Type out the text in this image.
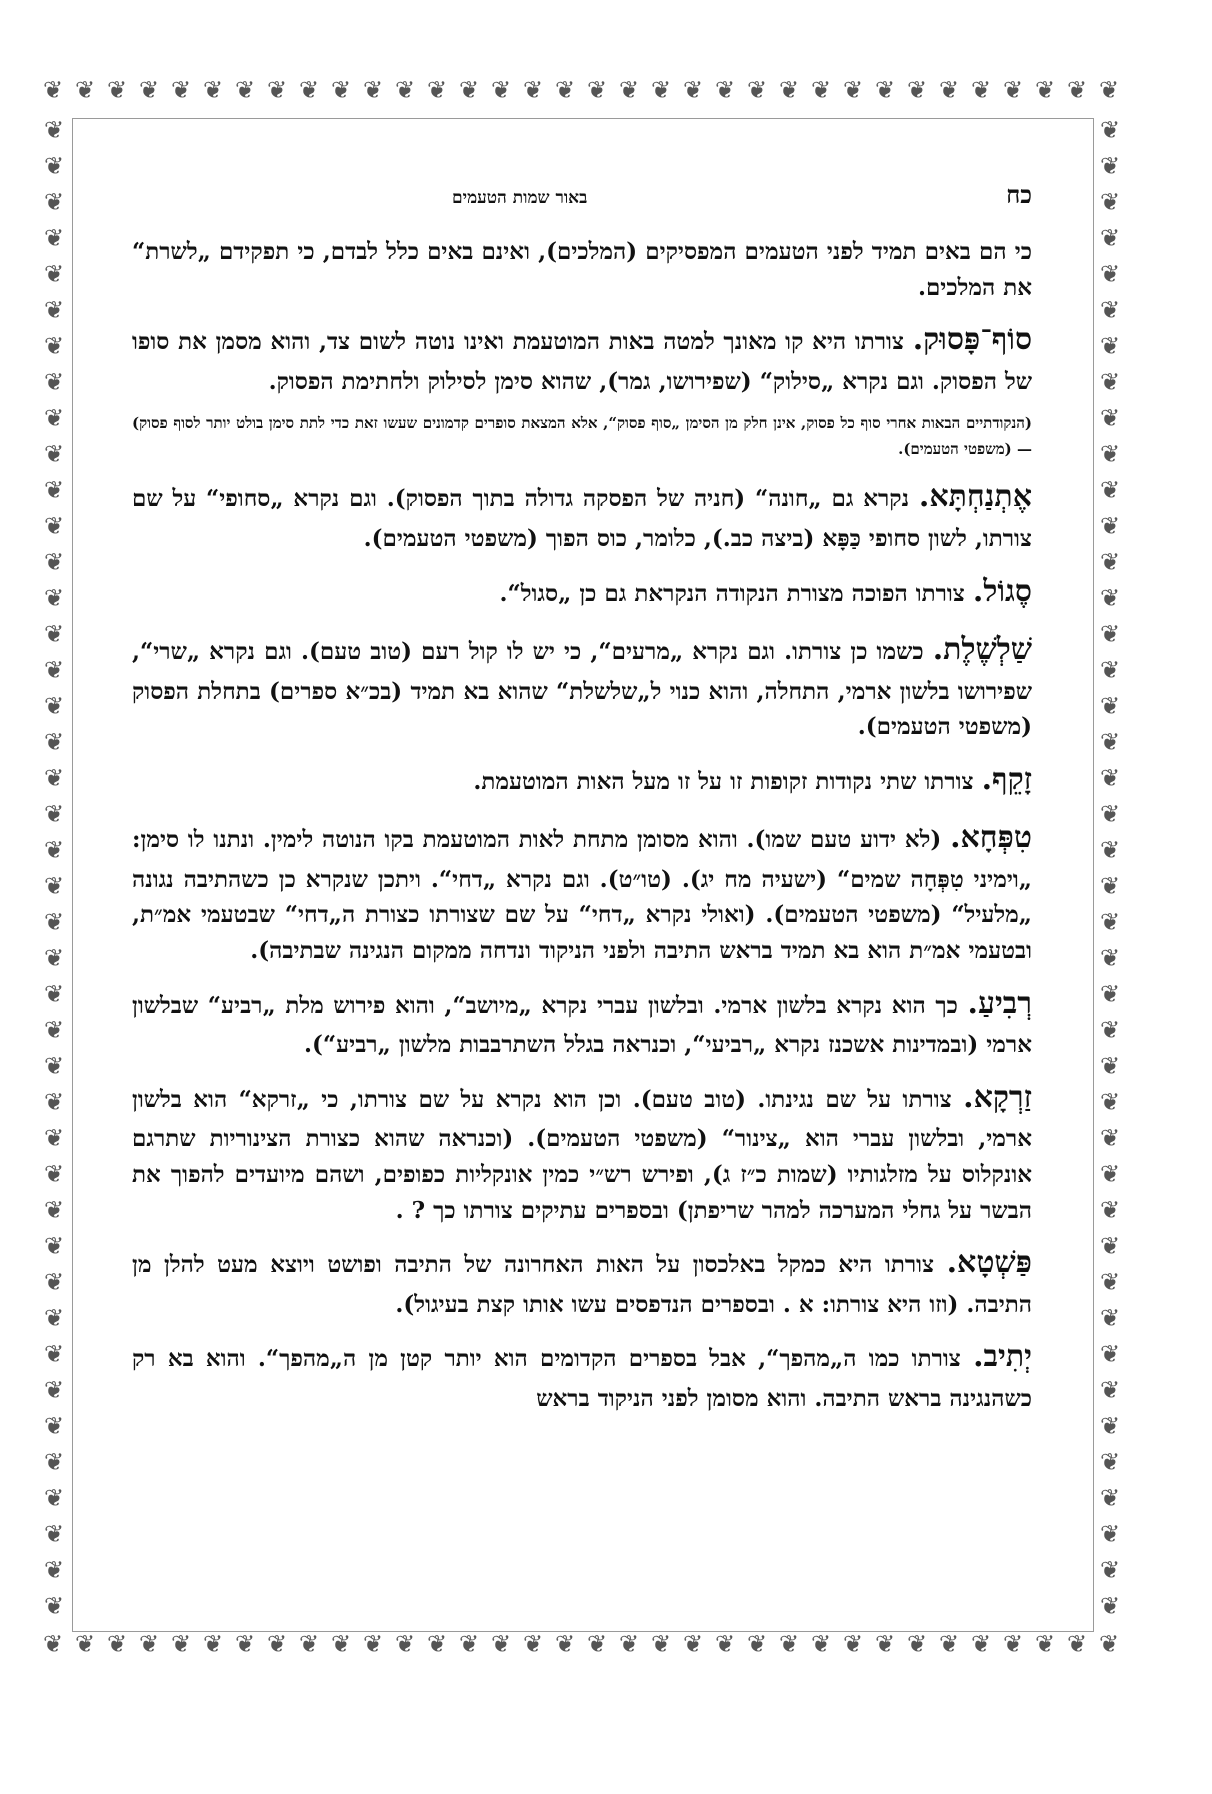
❦ ❦ ❦ ❦ ❦ ❦ ❦ ❦ ❦ ❦ ❦ ❦ ❦ ❦ ❦ ❦ ❦ ❦ ❦ ❦ ❦ ❦ ❦ ❦ ❦ ❦ ❦ ❦ ❦ ❦ ❦ ❦ ❦ ❦
❦ ❦ ❦ ❦ ❦ ❦ ❦ ❦ ❦ ❦ ❦ ❦ ❦ ❦ ❦ ❦ ❦ ❦ ❦ ❦ ❦ ❦ ❦ ❦ ❦ ❦ ❦ ❦ ❦ ❦ ❦ ❦ ❦ ❦
❦
❦
❦
❦
❦
❦
❦
❦
❦
❦
❦
❦
❦
❦
❦
❦
❦
❦
❦
❦
❦
❦
❦
❦
❦
❦
❦
❦
❦
❦
❦
❦
❦
❦
❦
❦
❦
❦
❦
❦
❦
❦
❦
❦
❦
❦
❦
❦
❦
❦
❦
❦
❦
❦
❦
❦
❦
❦
❦
❦
❦
❦
❦
❦
❦
❦
❦
❦
❦
❦
❦
❦
❦
❦
❦
❦
❦
❦
❦
❦
❦
❦
❦
❦
כח
באור שמות הטעמים

כי הם באים תמיד לפני הטעמים המפסיקים (המלכים), ואינם באים כלל לבדם, כי תפקידם „לשרת“ את המלכים.

סוֹף־פָּסוּק. צורתו היא קו מאונך למטה באות המוטעמת ואינו נוטה לשום צד, והוא מסמן את סופו של הפסוק. וגם נקרא „סילוק“ (שפירושו, גמר), שהוא סימן לסילוק ולחתימת הפסוק.

(הנקודתיים הבאות אחרי סוף כל פסוק, אינן חלק מן הסימן „סוף פסוק“, אלא המצאת סופרים קדמונים שעשו זאת כדי לתת סימן בולט יותר לסוף פסוק) — (משפטי הטעמים).

אֶתְנַחְתָּא. נקרא גם „חונה“ (חניה של הפסקה גדולה בתוך הפסוק). וגם נקרא „סחופי“ על שם צורתו, לשון סחופי כַּפָּא (ביצה כב.), כלומר, כוס הפוך (משפטי הטעמים).

סֶגוֹל. צורתו הפוכה מצורת הנקודה הנקראת גם כן „סגול“.

שַׁלְשֶׁלֶת. כשמו כן צורתו. וגם נקרא „מרעים“, כי יש לו קול רעם (טוב טעם). וגם נקרא „שרי“, שפירושו בלשון ארמי, התחלה, והוא כנוי ל„שלשלת“ שהוא בא תמיד (בכ״א ספרים) בתחלת הפסוק (משפטי הטעמים).

זָקֵף. צורתו שתי נקודות זקופות זו על זו מעל האות המוטעמת.

טִפְּחָא. (לא ידוע טעם שמו). והוא מסומן מתחת לאות המוטעמת בקו הנוטה לימין. ונתנו לו סימן: „וימיני טִפְּחָה שמים“ (ישעיה מח יג). (טו״ט). וגם נקרא „דחי“. ויתכן שנקרא כן כשהתיבה נגונה „מלעיל“ (משפטי הטעמים). (ואולי נקרא „דחי“ על שם שצורתו כצורת ה„דחי“ שבטעמי אמ״ת, ובטעמי אמ״ת הוא בא תמיד בראש התיבה ולפני הניקוד ונדחה ממקום הנגינה שבתיבה).

רְבִיעַ. כך הוא נקרא בלשון ארמי. ובלשון עברי נקרא „מיושב“, והוא פירוש מלת „רביע“ שבלשון ארמי (ובמדינות אשכנז נקרא „רביעי“, וכנראה בגלל השתרבבות מלשון „רביע“).

זַרְקָא. צורתו על שם נגינתו. (טוב טעם). וכן הוא נקרא על שם צורתו, כי „זרקא“ הוא בלשון ארמי, ובלשון עברי הוא „צינור“ (משפטי הטעמים). (וכנראה שהוא כצורת הצינוריות שתרגם אונקלוס על מזלגותיו (שמות כ״ז ג), ופירש רש״י כמין אונקליות כפופים, ושהם מיועדים להפוך את הבשר על גחלי המערכה למהר שריפתן) ובספרים עתיקים צורתו כך ? .

פַּשְׁטָא. צורתו היא כמקל באלכסון על האות האחרונה של התיבה ופושט ויוצא מעט להלן מן התיבה. (וזו היא צורתו: א . ובספרים הנדפסים עשו אותו קצת בעיגול).

יְתִיב. צורתו כמו ה„מהפך“, אבל בספרים הקדומים הוא יותר קטן מן ה„מהפך“. והוא בא רק כשהנגינה בראש התיבה. והוא מסומן לפני הניקוד בראש
